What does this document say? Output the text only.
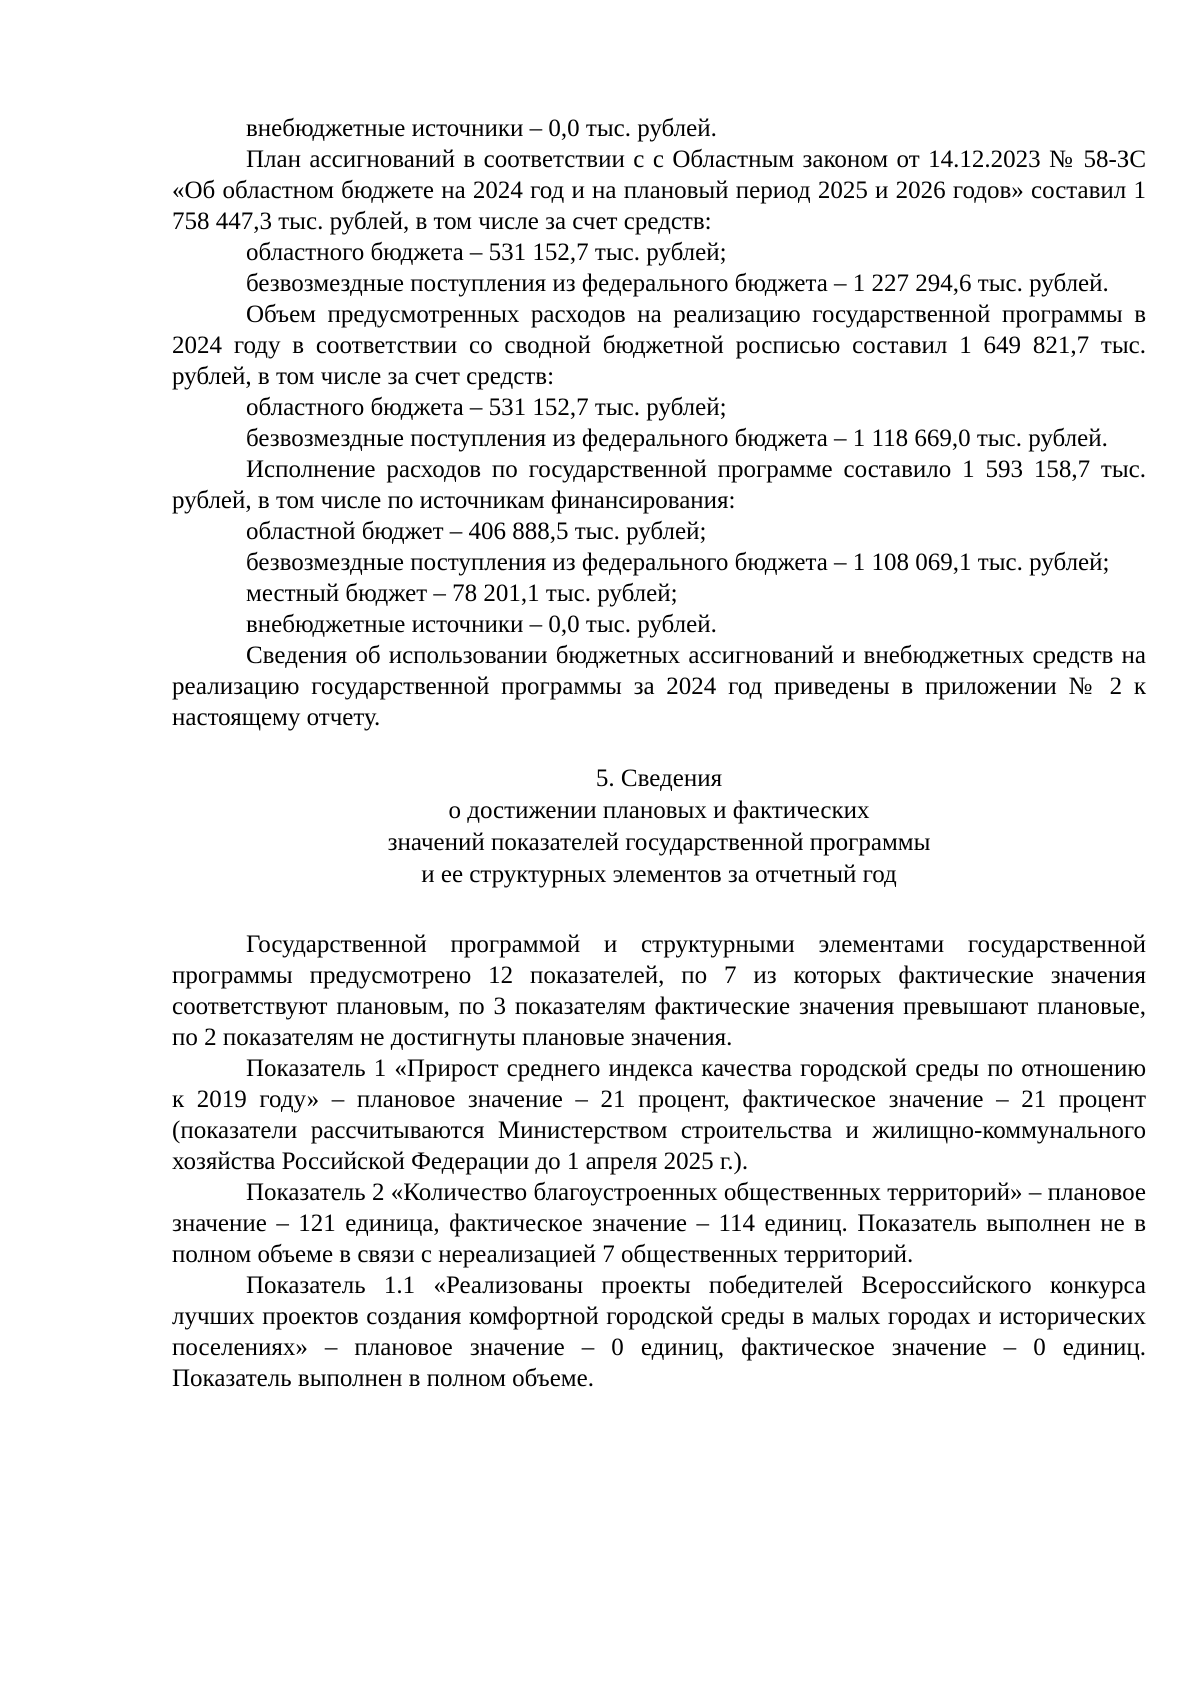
внебюджетные источники – 0,0 тыс. рублей.

План ассигнований в соответствии с с Областным законом от 14.12.2023 № 58-ЗС «Об областном бюджете на 2024 год и на плановый период 2025 и 2026 годов» составил 1 758 447,3 тыс. рублей, в том числе за счет средств:

областного бюджета – 531 152,7 тыс. рублей;

безвозмездные поступления из федерального бюджета – 1 227 294,6 тыс. рублей.

Объем предусмотренных расходов на реализацию государственной программы в 2024 году в соответствии со сводной бюджетной росписью составил 1 649 821,7 тыс. рублей, в том числе за счет средств:

областного бюджета – 531 152,7 тыс. рублей;

безвозмездные поступления из федерального бюджета – 1 118 669,0 тыс. рублей.

Исполнение расходов по государственной программе составило 1 593 158,7 тыс. рублей, в том числе по источникам финансирования:

областной бюджет – 406 888,5 тыс. рублей;

безвозмездные поступления из федерального бюджета – 1 108 069,1 тыс. рублей;

местный бюджет – 78 201,1 тыс. рублей;

внебюджетные источники – 0,0 тыс. рублей.

Сведения об использовании бюджетных ассигнований и внебюджетных средств на реализацию государственной программы за 2024 год приведены в приложении № 2 к настоящему отчету.

5. Сведения
о достижении плановых и фактических
значений показателей государственной программы
и ее структурных элементов за отчетный год

Государственной программой и структурными элементами государственной программы предусмотрено 12 показателей, по 7 из которых фактические значения соответствуют плановым, по 3 показателям фактические значения превышают плановые, по 2 показателям не достигнуты плановые значения.

Показатель 1 «Прирост среднего индекса качества городской среды по отношению к 2019 году» – плановое значение – 21 процент, фактическое значение – 21 процент (показатели рассчитываются Министерством строительства и жилищно-коммунального хозяйства Российской Федерации до 1 апреля 2025 г.).

Показатель 2 «Количество благоустроенных общественных территорий» – плановое значение – 121 единица, фактическое значение – 114 единиц. Показатель выполнен не в полном объеме в связи с нереализацией 7 общественных территорий.

Показатель 1.1 «Реализованы проекты победителей Всероссийского конкурса лучших проектов создания комфортной городской среды в малых городах и исторических поселениях» – плановое значение – 0 единиц, фактическое значение – 0 единиц. Показатель выполнен в полном объеме.
